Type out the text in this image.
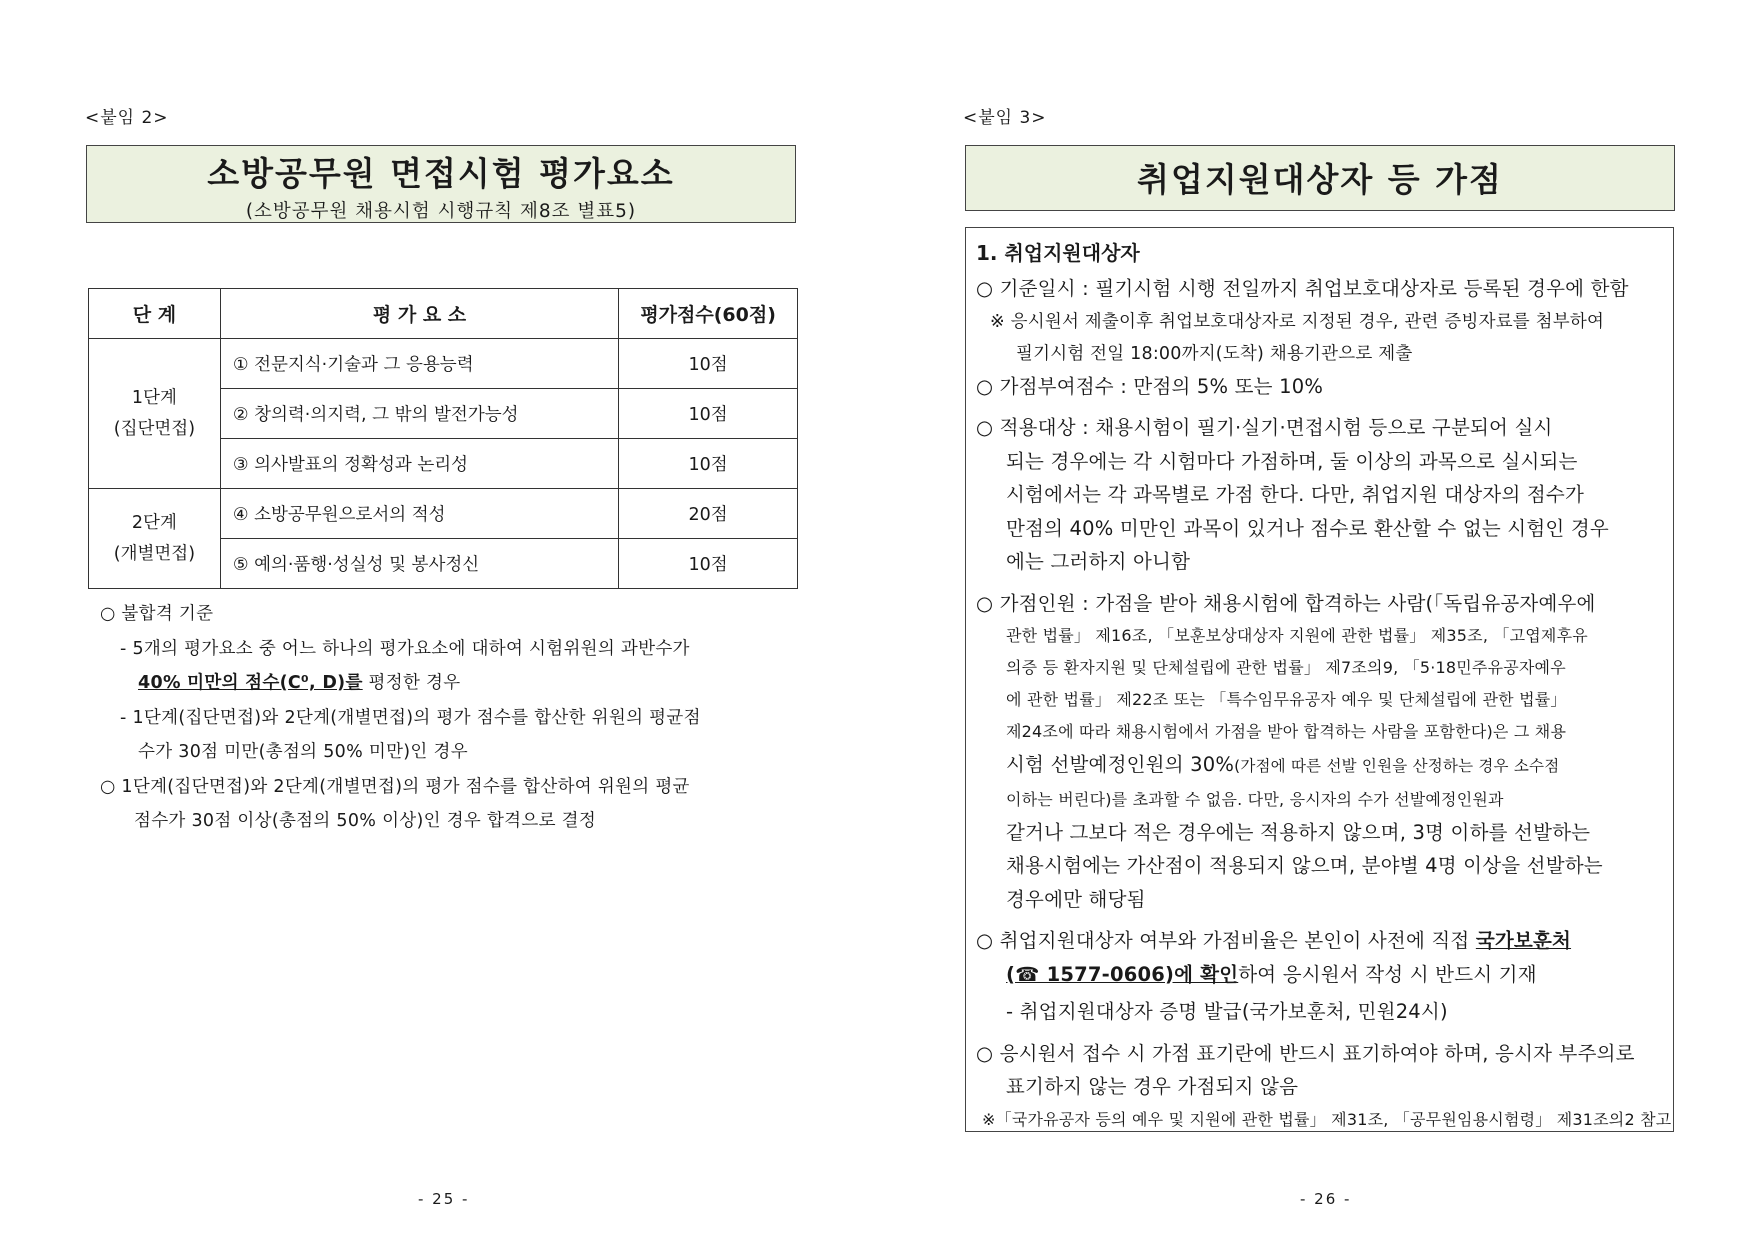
<붙임 2>
소방공무원 면접시험 평가요소
(소방공무원 채용시험 시행규칙 제8조 별표5)
단 계	평 가 요 소	평가점수(60점)

1단계
(집단면접)	① 전문지식·기술과 그 응용능력	10점
	② 창의력·의지력, 그 밖의 발전가능성	10점
	③ 의사발표의 정확성과 논리성	10점

2단계
(개별면접)	④ 소방공무원으로서의 적성	20점
	⑤ 예의·품행·성실성 및 봉사정신	10점
○ 불합격 기준
- 5개의 평가요소 중 어느 하나의 평가요소에 대하여 시험위원의 과반수가
40% 미만의 점수(C⁰, D)를 평정한 경우
- 1단계(집단면접)와 2단계(개별면접)의 평가 점수를 합산한 위원의 평균점
수가 30점 미만(총점의 50% 미만)인 경우
○ 1단계(집단면접)와 2단계(개별면접)의 평가 점수를 합산하여 위원의 평균
점수가 30점 이상(총점의 50% 이상)인 경우 합격으로 결정
- 25 -
<붙임 3>
취업지원대상자 등 가점
1. 취업지원대상자
○ 기준일시 : 필기시험 시행 전일까지 취업보호대상자로 등록된 경우에 한함
※ 응시원서 제출이후 취업보호대상자로 지정된 경우, 관련 증빙자료를 첨부하여
필기시험 전일 18:00까지(도착) 채용기관으로 제출
○ 가점부여점수 : 만점의 5% 또는 10%
○ 적용대상 : 채용시험이 필기·실기·면접시험 등으로 구분되어 실시
되는 경우에는 각 시험마다 가점하며, 둘 이상의 과목으로 실시되는
시험에서는 각 과목별로 가점 한다. 다만, 취업지원 대상자의 점수가
만점의 40% 미만인 과목이 있거나 점수로 환산할 수 없는 시험인 경우
에는 그러하지 아니함
○ 가점인원 : 가점을 받아 채용시험에 합격하는 사람(「독립유공자예우에
관한 법률」 제16조, 「보훈보상대상자 지원에 관한 법률」 제35조, 「고엽제후유
의증 등 환자지원 및 단체설립에 관한 법률」 제7조의9, 「5·18민주유공자예우
에 관한 법률」 제22조 또는 「특수임무유공자 예우 및 단체설립에 관한 법률」
제24조에 따라 채용시험에서 가점을 받아 합격하는 사람을 포함한다)은 그 채용
시험 선발예정인원의 30%(가점에 따른 선발 인원을 산정하는 경우 소수점
이하는 버린다)를 초과할 수 없음. 다만, 응시자의 수가 선발예정인원과
같거나 그보다 적은 경우에는 적용하지 않으며, 3명 이하를 선발하는
채용시험에는 가산점이 적용되지 않으며, 분야별 4명 이상을 선발하는
경우에만 해당됨
○ 취업지원대상자 여부와 가점비율은 본인이 사전에 직접 국가보훈처
(☎ 1577-0606)에 확인하여 응시원서 작성 시 반드시 기재
- 취업지원대상자 증명 발급(국가보훈처, 민원24시)
○ 응시원서 접수 시 가점 표기란에 반드시 표기하여야 하며, 응시자 부주의로
표기하지 않는 경우 가점되지 않음
※「국가유공자 등의 예우 및 지원에 관한 법률」 제31조, 「공무원임용시험령」 제31조의2 참고
- 26 -
